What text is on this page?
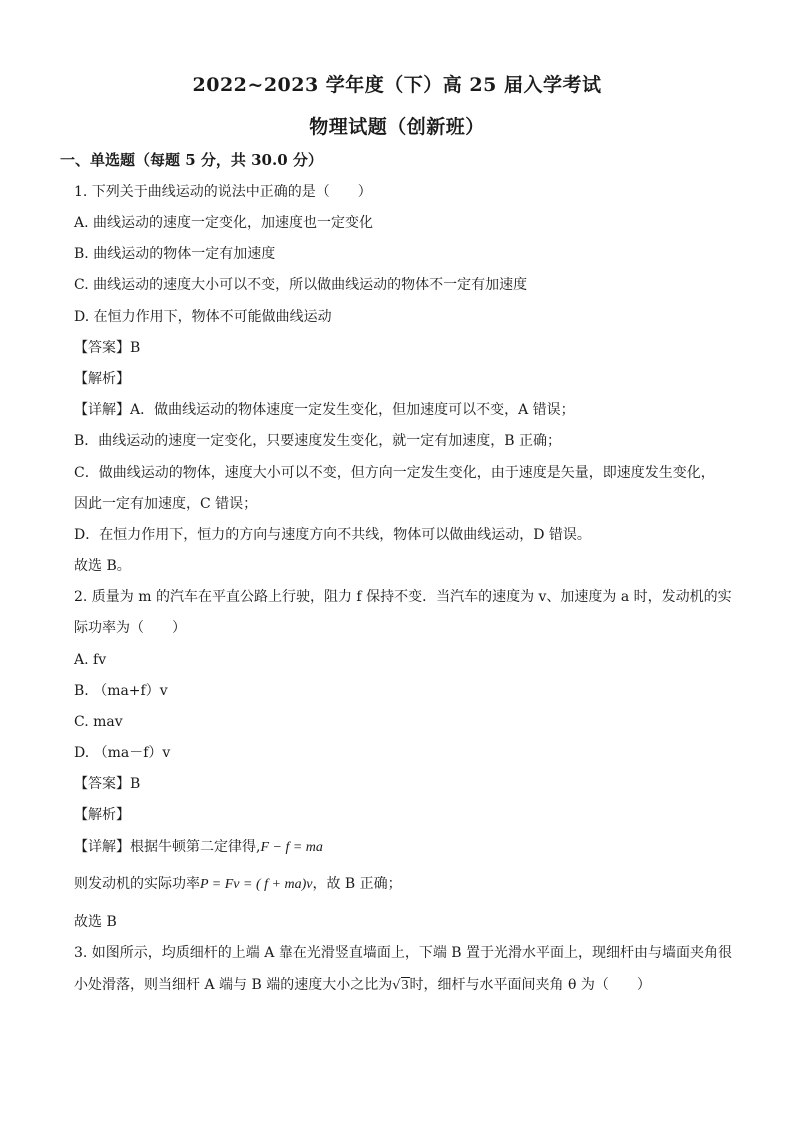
2022~2023 学年度（下）高 25 届入学考试
物理试题（创新班）
一、单选题（每题 5 分，共 30.0 分）
1. 下列关于曲线运动的说法中正确的是（　　）
A. 曲线运动的速度一定变化，加速度也一定变化
B. 曲线运动的物体一定有加速度
C. 曲线运动的速度大小可以不变，所以做曲线运动的物体不一定有加速度
D. 在恒力作用下，物体不可能做曲线运动
【答案】B
【解析】
【详解】A．做曲线运动的物体速度一定发生变化，但加速度可以不变，A 错误；
B．曲线运动的速度一定变化，只要速度发生变化，就一定有加速度，B 正确；
C．做曲线运动的物体，速度大小可以不变，但方向一定发生变化，由于速度是矢量，即速度发生变化，
因此一定有加速度，C 错误；
D．在恒力作用下，恒力的方向与速度方向不共线，物体可以做曲线运动，D 错误。
故选 B。
2. 质量为 m 的汽车在平直公路上行驶，阻力 f 保持不变．当汽车的速度为 v、加速度为 a 时，发动机的实
际功率为（　　）
A. fv
B. （ma+f）v
C. mav
D. （ma－f）v
【答案】B
【解析】
【详解】根据牛顿第二定律得,F − f = ma
则发动机的实际功率P = Fv = ( f + ma)v，故 B 正确；
故选 B
3. 如图所示，均质细杆的上端 A 靠在光滑竖直墙面上，下端 B 置于光滑水平面上，现细杆由与墙面夹角很
小处滑落，则当细杆 A 端与 B 端的速度大小之比为√3时，细杆与水平面间夹角 θ 为（　　）
